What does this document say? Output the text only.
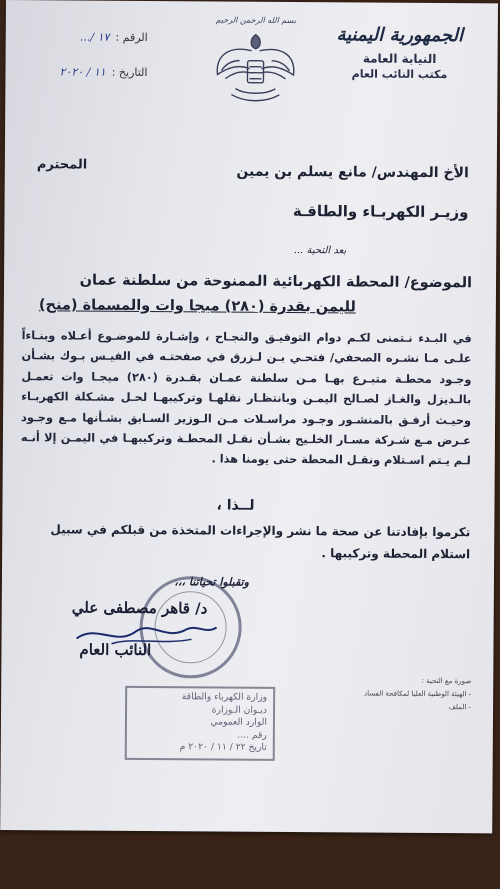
الجمهورية اليمنية
النيابة العامة
مكتب النائب العام
بسم الله الرحمن الرحيم
الرقم :
١٧ /...
التاريخ :
١١ / ٢٠٢٠
الأخ المهندس/ مانع يسلم بن يمين
المحترم
وزيـر الكهربـاء والطاقـة
بعد التحية ...
الموضوع/ المحطة الكهربائية الممنوحة من سلطنة عمان
لليمن بقدرة (٢٨٠) ميجا وات والمسماة (منح)
في البـدء نـتمنى لكـم دوام التوفيـق والنجـاح ، وإشـارة للموضـوع أعـلاه وبنـاءاً علـى مـا نشـره الصحفي/ فتحـي بـن لـزرق في صفحتـه في الفيـس بـوك بشـأن وجـود محطـة متبـرع بهـا مـن سلطنة عمـان بقـدرة (٢٨٠) ميجـا وات تعمـل بالـديزل والغـاز لصـالح اليمـن وبانتظـار نقلهـا وتركيبهـا لحـل مشـكلة الكهربـاء وحيـث أرفـق بالمنشـور وجـود مراسـلات مـن الـوزير السـابق بشـأنها مـع وجـود عـرض مـع شـركة مسـار الخلـيج بشـأن نقـل المحطـة وتركيبهـا في اليمـن إلا أنـه لـم يـتم اسـتلام ونقـل المحطة حتى يومنا هذا .
لــذا ،
تكرموا بإفادتنا عن صحة ما نشر والإجراءات المتخذة من قبلكم في سبيل
استلام المحطة وتركيبها .
وتقبلوا تحياتنا ،،،
د/ قاهر مصطفى علي
النائب العام
صورة مع التحية :
- الهيئة الوطنية العليا لمكافحة الفساد
- الملف
وزارة الكهرباء والطاقة
ديـوان الـوزارة
الوارد العمومي
رقم ....
تاريخ ٢٢ / ١١ / ٢٠٢٠ م
